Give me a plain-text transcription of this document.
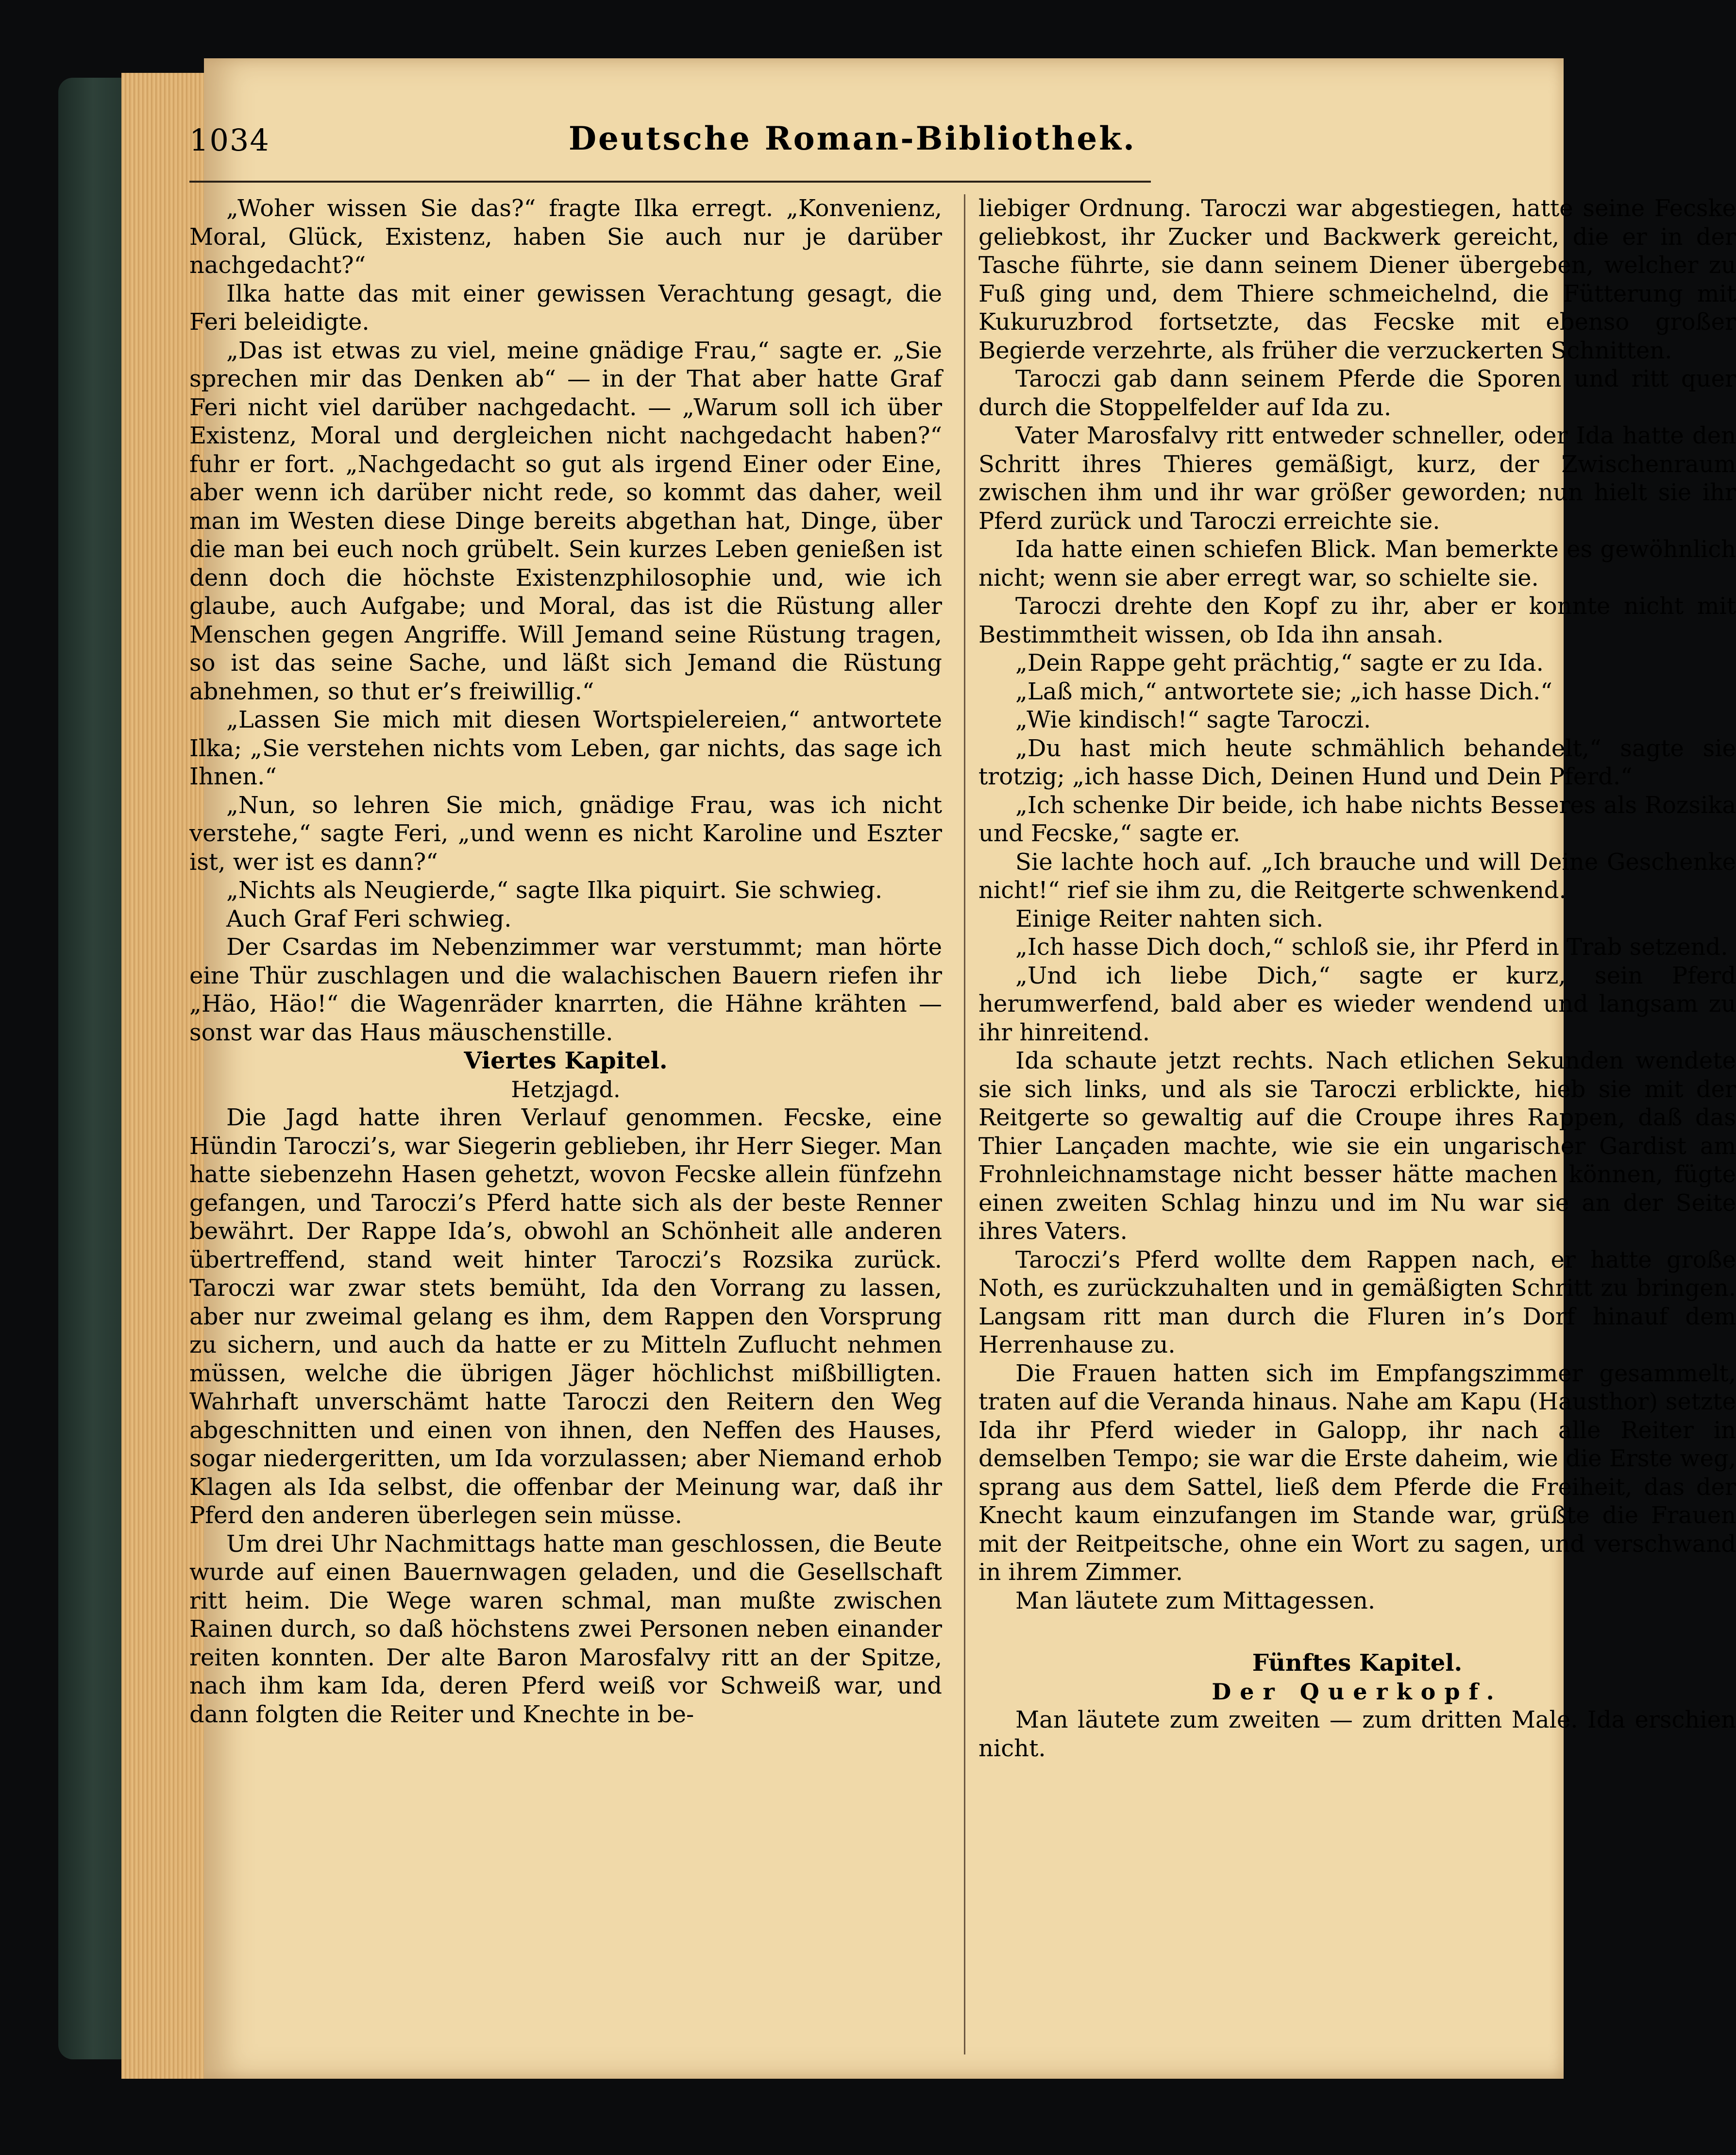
1034	Deutsche Roman-Bibliothek.

„Woher wissen Sie das?“ fragte Ilka erregt. „Konvenienz, Moral, Glück, Existenz, haben Sie auch nur je darüber nachgedacht?“

Ilka hatte das mit einer gewissen Verachtung gesagt, die Feri beleidigte.

„Das ist etwas zu viel, meine gnädige Frau,“ sagte er. „Sie sprechen mir das Denken ab“ — in der That aber hatte Graf Feri nicht viel darüber nachgedacht. — „Warum soll ich über Existenz, Moral und dergleichen nicht nachgedacht haben?“ fuhr er fort. „Nachgedacht so gut als irgend Einer oder Eine, aber wenn ich darüber nicht rede, so kommt das daher, weil man im Westen diese Dinge bereits abgethan hat, Dinge, über die man bei euch noch grübelt. Sein kurzes Leben genießen ist denn doch die höchste Existenzphilosophie und, wie ich glaube, auch Aufgabe; und Moral, das ist die Rüstung aller Menschen gegen Angriffe. Will Jemand seine Rüstung tragen, so ist das seine Sache, und läßt sich Jemand die Rüstung abnehmen, so thut er’s freiwillig.“

„Lassen Sie mich mit diesen Wortspielereien,“ antwortete Ilka; „Sie verstehen nichts vom Leben, gar nichts, das sage ich Ihnen.“

„Nun, so lehren Sie mich, gnädige Frau, was ich nicht verstehe,“ sagte Feri, „und wenn es nicht Karoline und Eszter ist, wer ist es dann?“

„Nichts als Neugierde,“ sagte Ilka piquirt. Sie schwieg.

Auch Graf Feri schwieg.

Der Csardas im Nebenzimmer war verstummt; man hörte eine Thür zuschlagen und die walachischen Bauern riefen ihr „Häo, Häo!“ die Wagenräder knarrten, die Hähne krähten — sonst war das Haus mäuschenstille.

Viertes Kapitel.

Hetzjagd.

Die Jagd hatte ihren Verlauf genommen. Fecske, eine Hündin Taroczi’s, war Siegerin geblieben, ihr Herr Sieger. Man hatte siebenzehn Hasen gehetzt, wovon Fecske allein fünfzehn gefangen, und Taroczi’s Pferd hatte sich als der beste Renner bewährt. Der Rappe Ida’s, obwohl an Schönheit alle anderen übertreffend, stand weit hinter Taroczi’s Rozsika zurück. Taroczi war zwar stets bemüht, Ida den Vorrang zu lassen, aber nur zweimal gelang es ihm, dem Rappen den Vorsprung zu sichern, und auch da hatte er zu Mitteln Zuflucht nehmen müssen, welche die übrigen Jäger höchlichst mißbilligten. Wahrhaft unverschämt hatte Taroczi den Reitern den Weg abgeschnitten und einen von ihnen, den Neffen des Hauses, sogar niedergeritten, um Ida vorzulassen; aber Niemand erhob Klagen als Ida selbst, die offenbar der Meinung war, daß ihr Pferd den anderen überlegen sein müsse.

Um drei Uhr Nachmittags hatte man geschlossen, die Beute wurde auf einen Bauernwagen geladen, und die Gesellschaft ritt heim. Die Wege waren schmal, man mußte zwischen Rainen durch, so daß höchstens zwei Personen neben einander reiten konnten. Der alte Baron Marosfalvy ritt an der Spitze, nach ihm kam Ida, deren Pferd weiß vor Schweiß war, und dann folgten die Reiter und Knechte in be-

liebiger Ordnung. Taroczi war abgestiegen, hatte seine Fecske geliebkost, ihr Zucker und Backwerk gereicht, die er in der Tasche führte, sie dann seinem Diener übergeben, welcher zu Fuß ging und, dem Thiere schmeichelnd, die Fütterung mit Kukuruzbrod fortsetzte, das Fecske mit ebenso großer Begierde verzehrte, als früher die verzuckerten Schnitten.

Taroczi gab dann seinem Pferde die Sporen und ritt quer durch die Stoppelfelder auf Ida zu.

Vater Marosfalvy ritt entweder schneller, oder Ida hatte den Schritt ihres Thieres gemäßigt, kurz, der Zwischenraum zwischen ihm und ihr war größer geworden; nun hielt sie ihr Pferd zurück und Taroczi erreichte sie.

Ida hatte einen schiefen Blick. Man bemerkte es gewöhnlich nicht; wenn sie aber erregt war, so schielte sie.

Taroczi drehte den Kopf zu ihr, aber er konnte nicht mit Bestimmtheit wissen, ob Ida ihn ansah.

„Dein Rappe geht prächtig,“ sagte er zu Ida.

„Laß mich,“ antwortete sie; „ich hasse Dich.“

„Wie kindisch!“ sagte Taroczi.

„Du hast mich heute schmählich behandelt,“ sagte sie trotzig; „ich hasse Dich, Deinen Hund und Dein Pferd.“

„Ich schenke Dir beide, ich habe nichts Besseres als Rozsika und Fecske,“ sagte er.

Sie lachte hoch auf. „Ich brauche und will Deine Geschenke nicht!“ rief sie ihm zu, die Reitgerte schwenkend.

Einige Reiter nahten sich.

„Ich hasse Dich doch,“ schloß sie, ihr Pferd in Trab setzend.

„Und ich liebe Dich,“ sagte er kurz, sein Pferd herumwerfend, bald aber es wieder wendend und langsam zu ihr hinreitend.

Ida schaute jetzt rechts. Nach etlichen Sekunden wendete sie sich links, und als sie Taroczi erblickte, hieb sie mit der Reitgerte so gewaltig auf die Croupe ihres Rappen, daß das Thier Lançaden machte, wie sie ein ungarischer Gardist am Frohnleichnamstage nicht besser hätte machen können, fügte einen zweiten Schlag hinzu und im Nu war sie an der Seite ihres Vaters.

Taroczi’s Pferd wollte dem Rappen nach, er hatte große Noth, es zurückzuhalten und in gemäßigten Schritt zu bringen. Langsam ritt man durch die Fluren in’s Dorf hinauf dem Herrenhause zu.

Die Frauen hatten sich im Empfangszimmer gesammelt, traten auf die Veranda hinaus. Nahe am Kapu (Hausthor) setzte Ida ihr Pferd wieder in Galopp, ihr nach alle Reiter in demselben Tempo; sie war die Erste daheim, wie die Erste weg, sprang aus dem Sattel, ließ dem Pferde die Freiheit, das der Knecht kaum einzufangen im Stande war, grüßte die Frauen mit der Reitpeitsche, ohne ein Wort zu sagen, und verschwand in ihrem Zimmer.

Man läutete zum Mittagessen.

Fünftes Kapitel.

Der Querkopf.

Man läutete zum zweiten — zum dritten Male. Ida erschien nicht.
